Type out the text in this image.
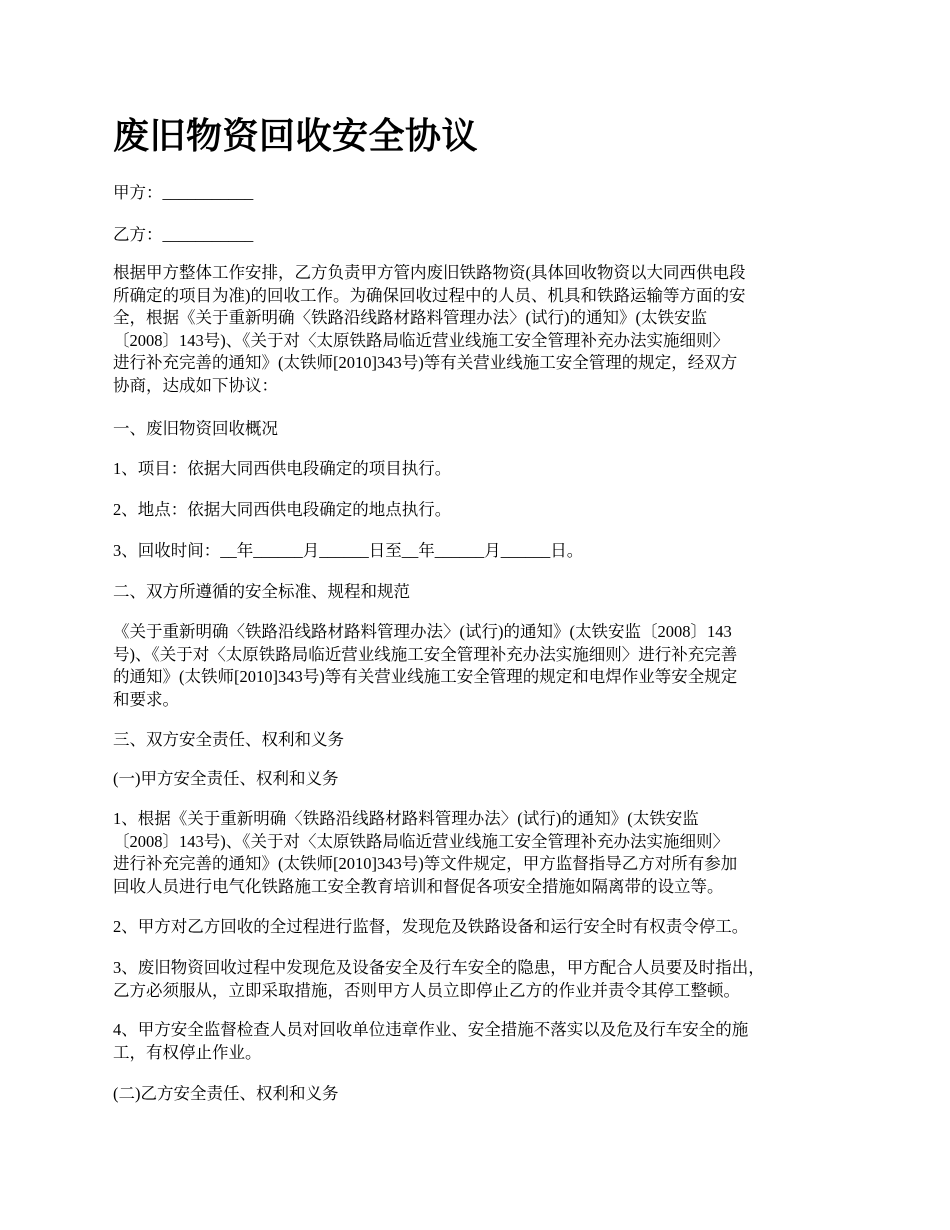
废旧物资回收安全协议

甲方：___________

乙方：___________

根据甲方整体工作安排，乙方负责甲方管内废旧铁路物资(具体回收物资以大同西供电段
所确定的项目为准)的回收工作。为确保回收过程中的人员、机具和铁路运输等方面的安
全，根据《关于重新明确〈铁路沿线路材路料管理办法〉(试行)的通知》(太铁安监
〔2008〕143号)、《关于对〈太原铁路局临近营业线施工安全管理补充办法实施细则〉
进行补充完善的通知》(太铁师[2010]343号)等有关营业线施工安全管理的规定，经双方
协商，达成如下协议：

一、废旧物资回收概况

1、项目：依据大同西供电段确定的项目执行。

2、地点：依据大同西供电段确定的地点执行。

3、回收时间：__年______月______日至__年______月______日。

二、双方所遵循的安全标准、规程和规范

《关于重新明确〈铁路沿线路材路料管理办法〉(试行)的通知》(太铁安监〔2008〕143
号)、《关于对〈太原铁路局临近营业线施工安全管理补充办法实施细则〉进行补充完善
的通知》(太铁师[2010]343号)等有关营业线施工安全管理的规定和电焊作业等安全规定
和要求。

三、双方安全责任、权利和义务

(一)甲方安全责任、权利和义务

1、根据《关于重新明确〈铁路沿线路材路料管理办法〉(试行)的通知》(太铁安监
〔2008〕143号)、《关于对〈太原铁路局临近营业线施工安全管理补充办法实施细则〉
进行补充完善的通知》(太铁师[2010]343号)等文件规定，甲方监督指导乙方对所有参加
回收人员进行电气化铁路施工安全教育培训和督促各项安全措施如隔离带的设立等。

2、甲方对乙方回收的全过程进行监督，发现危及铁路设备和运行安全时有权责令停工。

3、废旧物资回收过程中发现危及设备安全及行车安全的隐患，甲方配合人员要及时指出，
乙方必须服从，立即采取措施，否则甲方人员立即停止乙方的作业并责令其停工整顿。

4、甲方安全监督检查人员对回收单位违章作业、安全措施不落实以及危及行车安全的施
工，有权停止作业。

(二)乙方安全责任、权利和义务
